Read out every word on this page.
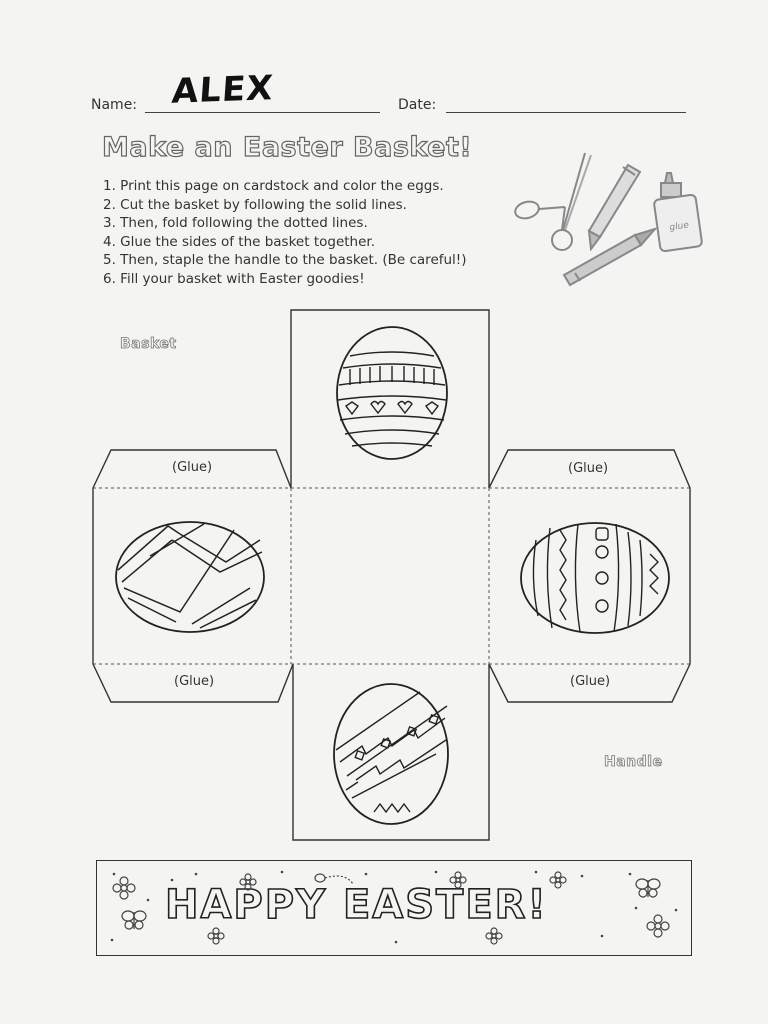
Name: ALEX	Date:
Make an Easter Basket!
1. Print this page on cardstock and color the eggs.
2. Cut the basket by following the solid lines.
3. Then, fold following the dotted lines.
4. Glue the sides of the basket together.
5. Then, staple the handle to the basket. (Be careful!)
6. Fill your basket with Easter goodies!
glue
Basket
(Glue)	(Glue)
(Glue)	(Glue)
Handle
HAPPY EASTER!
